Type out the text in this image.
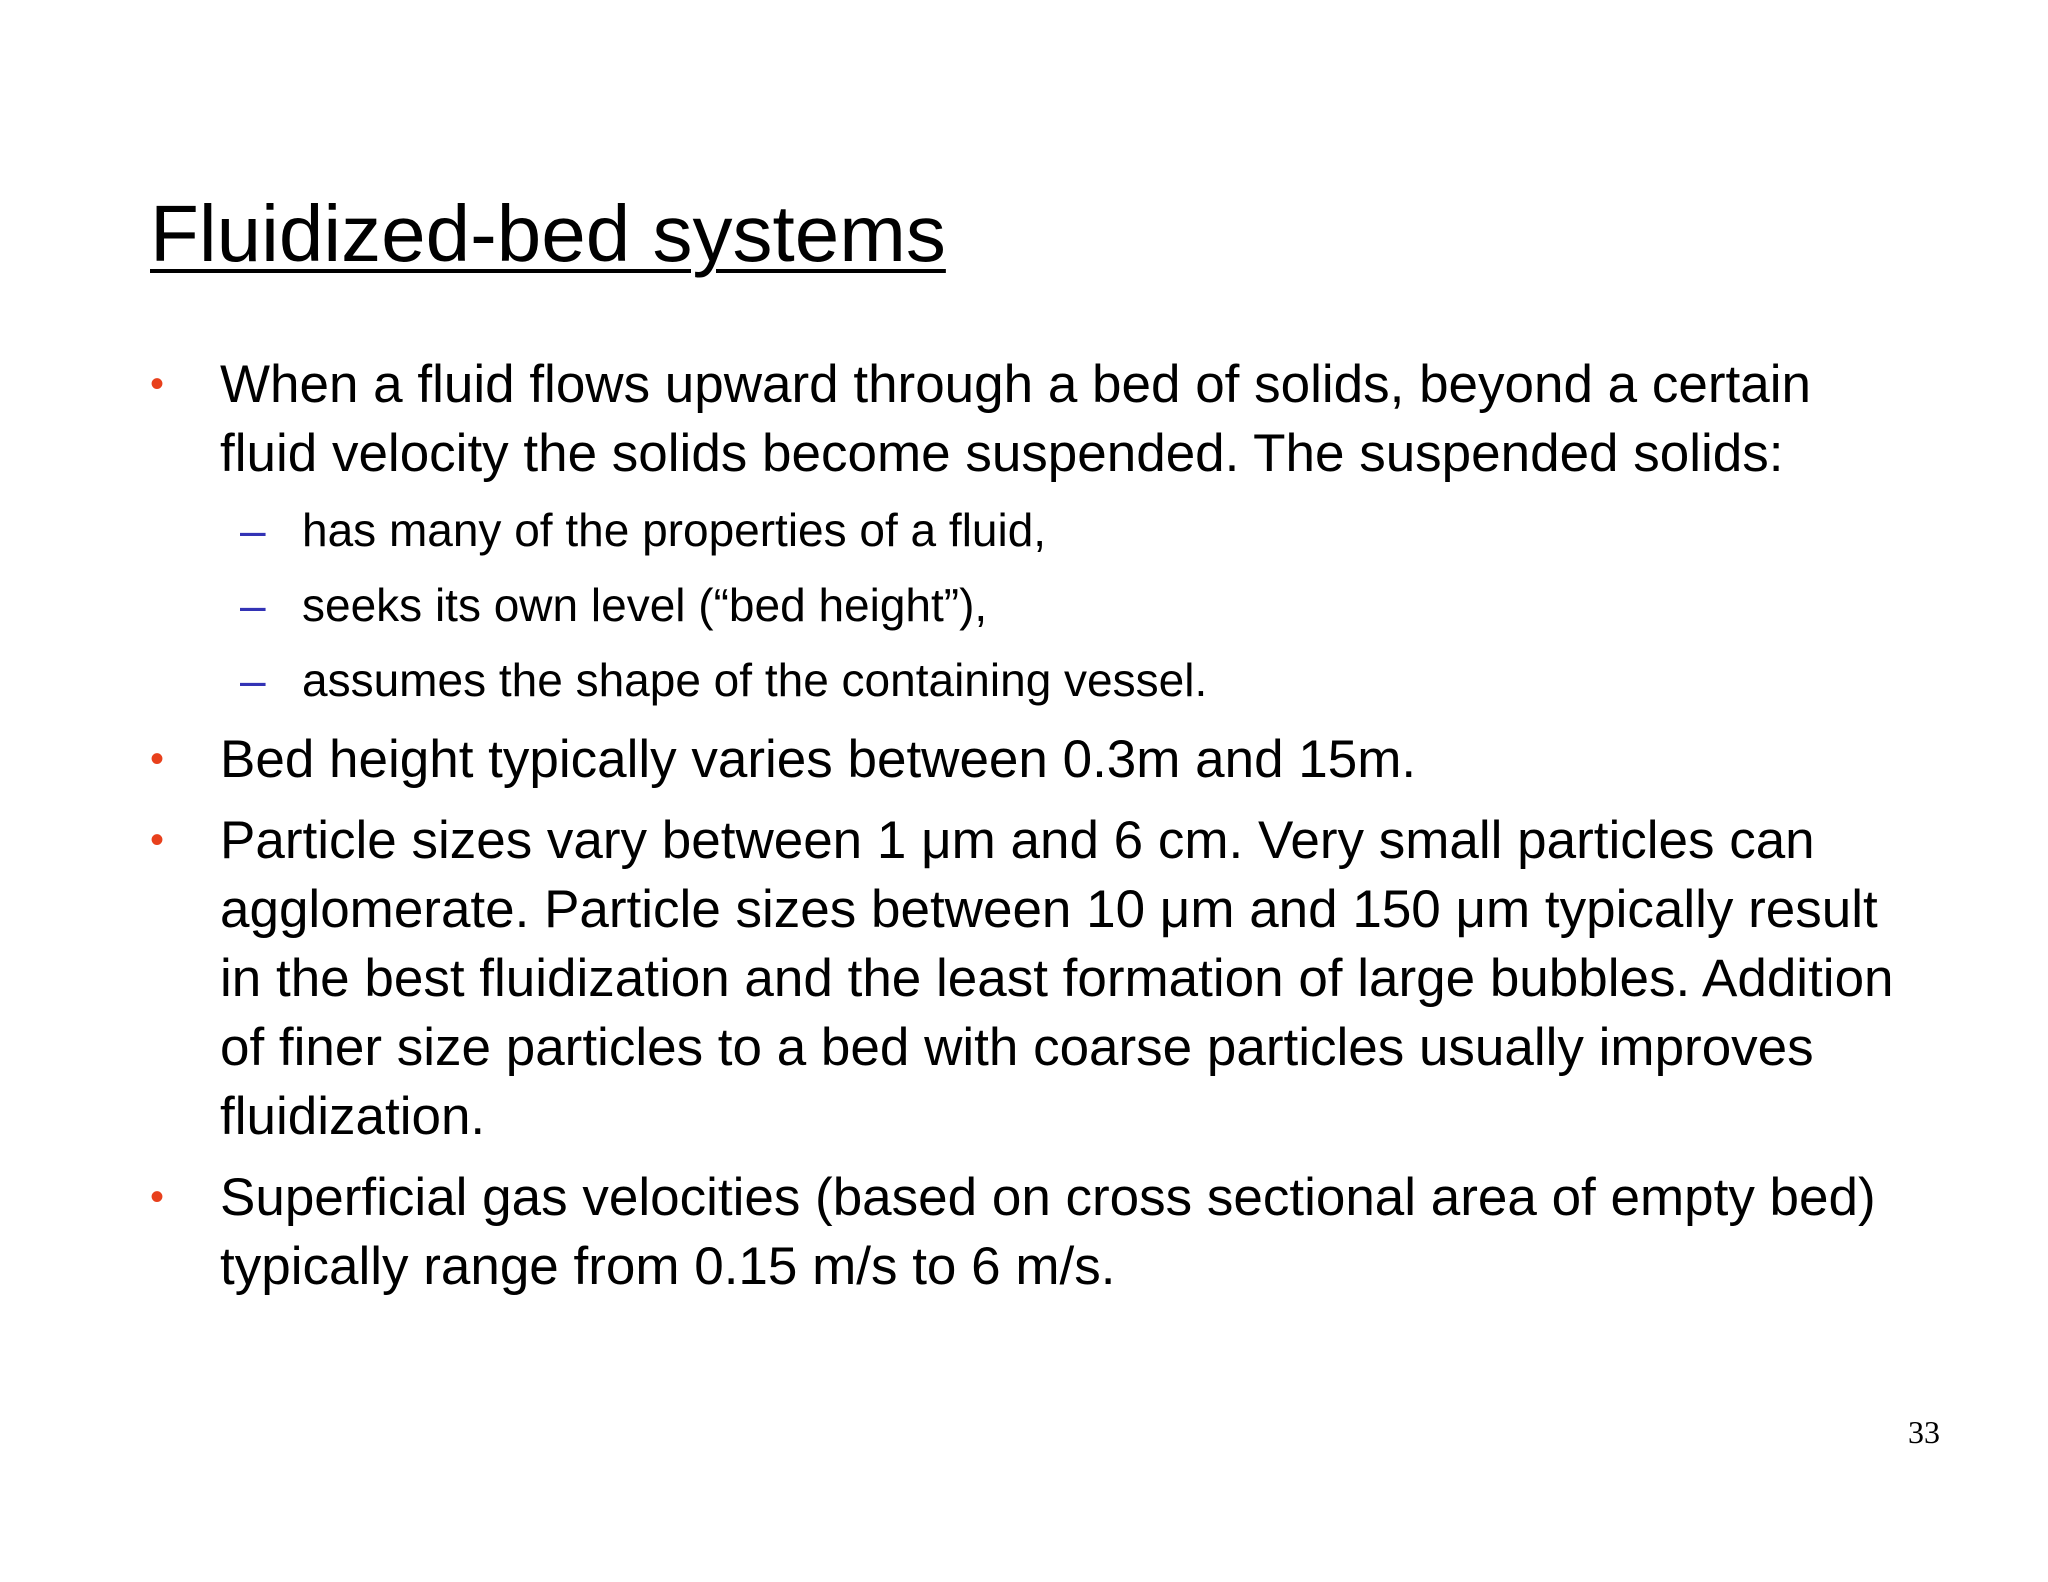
Fluidized-bed systems
•	When a fluid flows upward through a bed of solids, beyond a certain fluid velocity the solids become suspended. The suspended solids:
– has many of the properties of a fluid,
– seeks its own level (“bed height”),
– assumes the shape of the containing vessel.
•	Bed height typically varies between 0.3m and 15m.
•	Particle sizes vary between 1 μm and 6 cm. Very small particles can agglomerate. Particle sizes between 10 μm and 150 μm typically result in the best fluidization and the least formation of large bubbles. Addition of finer size particles to a bed with coarse particles usually improves fluidization.
•	Superficial gas velocities (based on cross sectional area of empty bed) typically range from 0.15 m/s to 6 m/s.
33
